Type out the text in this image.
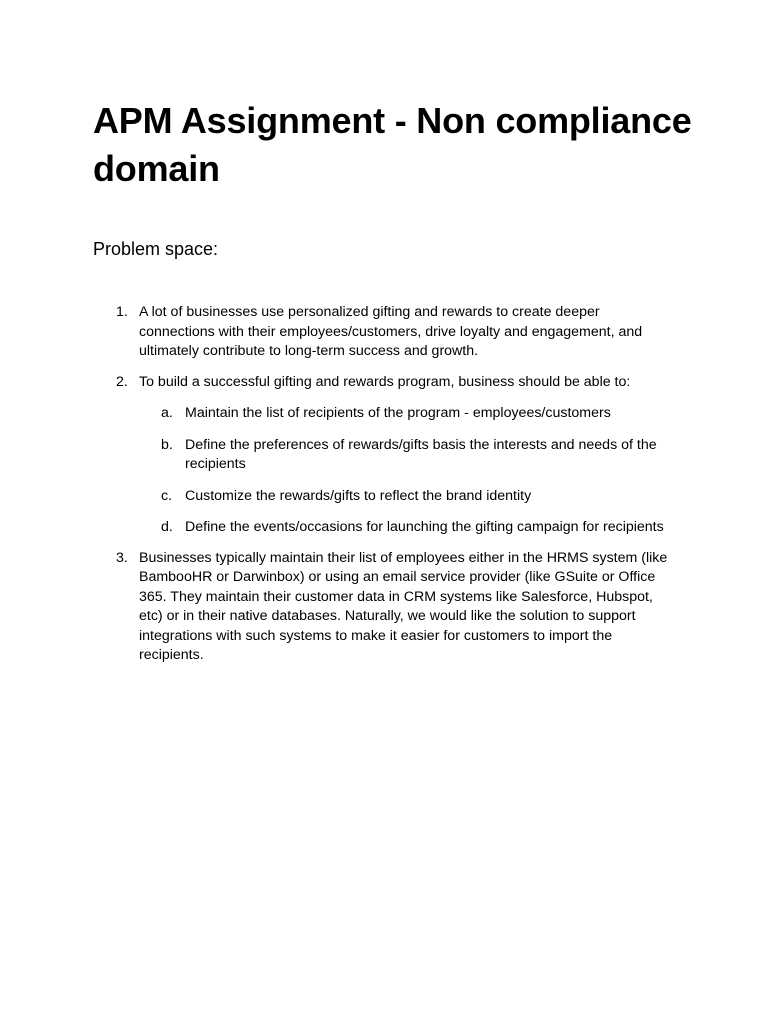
APM Assignment - Non compliance domain
Problem space:
1. A lot of businesses use personalized gifting and rewards to create deeper connections with their employees/customers, drive loyalty and engagement, and ultimately contribute to long-term success and growth.
2. To build a successful gifting and rewards program, business should be able to:
a. Maintain the list of recipients of the program - employees/customers
b. Define the preferences of rewards/gifts basis the interests and needs of the recipients
c. Customize the rewards/gifts to reflect the brand identity
d. Define the events/occasions for launching the gifting campaign for recipients
3. Businesses typically maintain their list of employees either in the HRMS system (like BambooHR or Darwinbox) or using an email service provider (like GSuite or Office 365. They maintain their customer data in CRM systems like Salesforce, Hubspot, etc) or in their native databases. Naturally, we would like the solution to support integrations with such systems to make it easier for customers to import the recipients.
